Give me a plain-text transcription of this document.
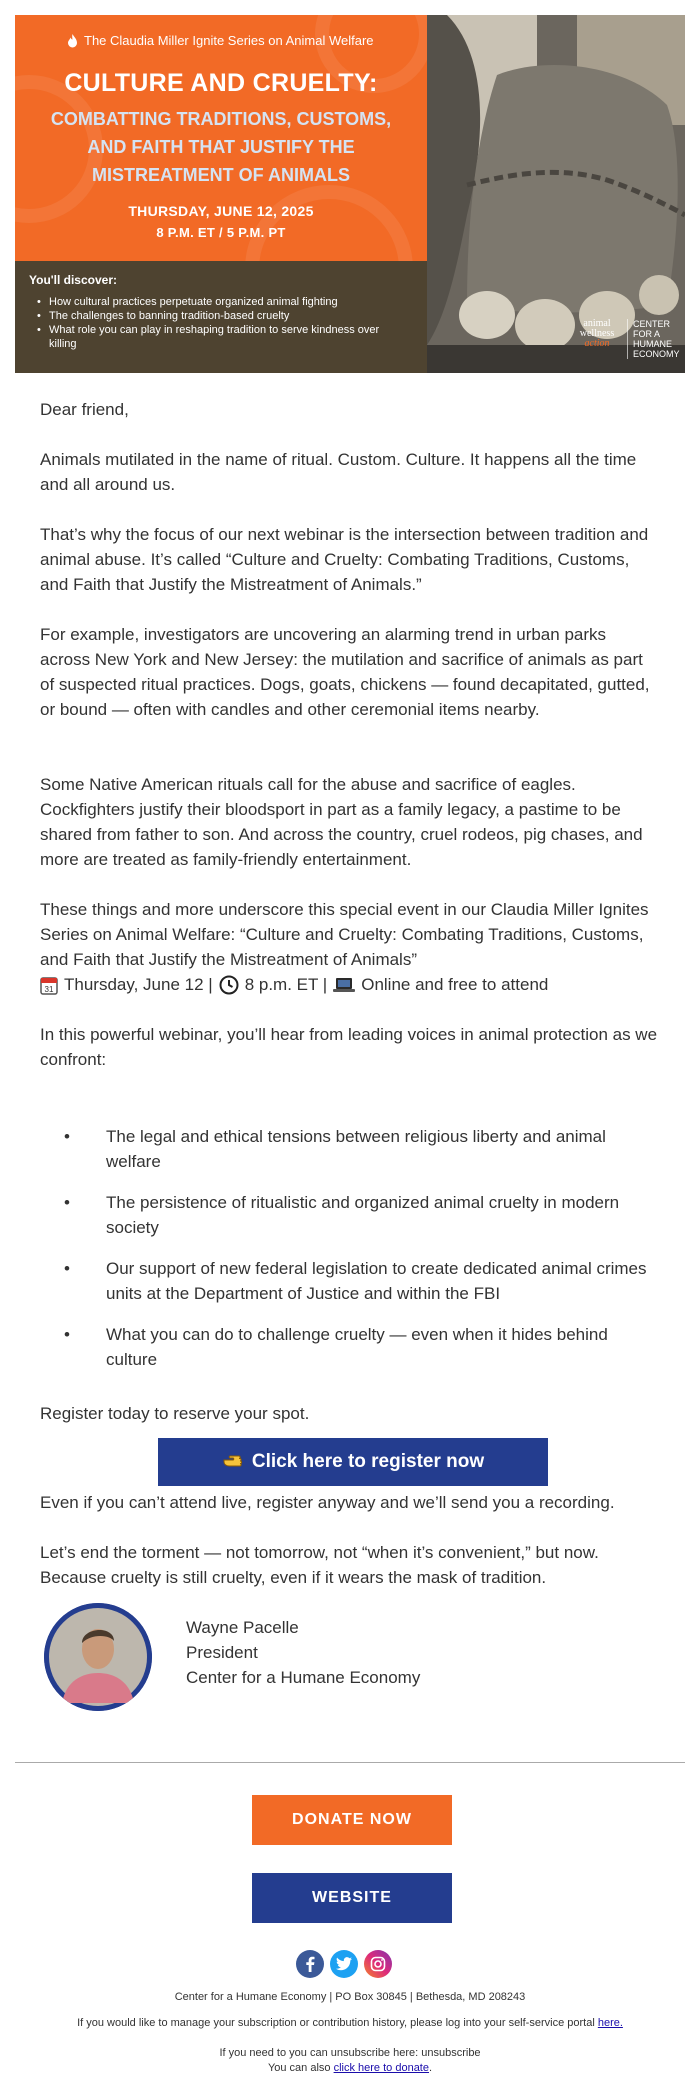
The Claudia Miller Ignite Series on Animal Welfare
CULTURE AND CRUELTY:
COMBATTING TRADITIONS, CUSTOMS,
AND FAITH THAT JUSTIFY THE
MISTREATMENT OF ANIMALS
THURSDAY, JUNE 12, 2025
8 P.M. ET / 5 P.M. PT
You'll discover:
• How cultural practices perpetuate organized animal fighting
• The challenges to banning tradition-based cruelty
• What role you can play in reshaping tradition to serve kindness over killing
animal
wellness
action
CENTER
FOR A
HUMANE
ECONOMY

Dear friend,

Animals mutilated in the name of ritual. Custom. Culture. It happens all the time and all around us.

That’s why the focus of our next webinar is the intersection between tradition and animal abuse. It’s called “Culture and Cruelty: Combating Traditions, Customs, and Faith that Justify the Mistreatment of Animals.”

For example, investigators are uncovering an alarming trend in urban parks across New York and New Jersey: the mutilation and sacrifice of animals as part of suspected ritual practices. Dogs, goats, chickens — found decapitated, gutted, or bound — often with candles and other ceremonial items nearby.

Some Native American rituals call for the abuse and sacrifice of eagles. Cockfighters justify their bloodsport in part as a family legacy, a pastime to be shared from father to son. And across the country, cruel rodeos, pig chases, and more are treated as family-friendly entertainment.

These things and more underscore this special event in our Claudia Miller Ignites Series on Animal Welfare: “Culture and Cruelty: Combating Traditions, Customs, and Faith that Justify the Mistreatment of Animals”

31 Thursday, June 12 | 8 p.m. ET | Online and free to attend

In this powerful webinar, you’ll hear from leading voices in animal protection as we confront:

• The legal and ethical tensions between religious liberty and animal welfare
• The persistence of ritualistic and organized animal cruelty in modern society
• Our support of new federal legislation to create dedicated animal crimes units at the Department of Justice and within the FBI
• What you can do to challenge cruelty — even when it hides behind culture

Register today to reserve your spot.

Click here to register now

Even if you can’t attend live, register anyway and we’ll send you a recording.

Let’s end the torment — not tomorrow, not “when it’s convenient,” but now. Because cruelty is still cruelty, even if it wears the mask of tradition.

Wayne Pacelle
President
Center for a Humane Economy
DONATE NOW
WEBSITE
Center for a Humane Economy | PO Box 30845 | Bethesda, MD 208243
If you would like to manage your subscription or contribution history, please log into your self-service portal here.
If you need to you can unsubscribe here: unsubscribe
You can also click here to donate.
